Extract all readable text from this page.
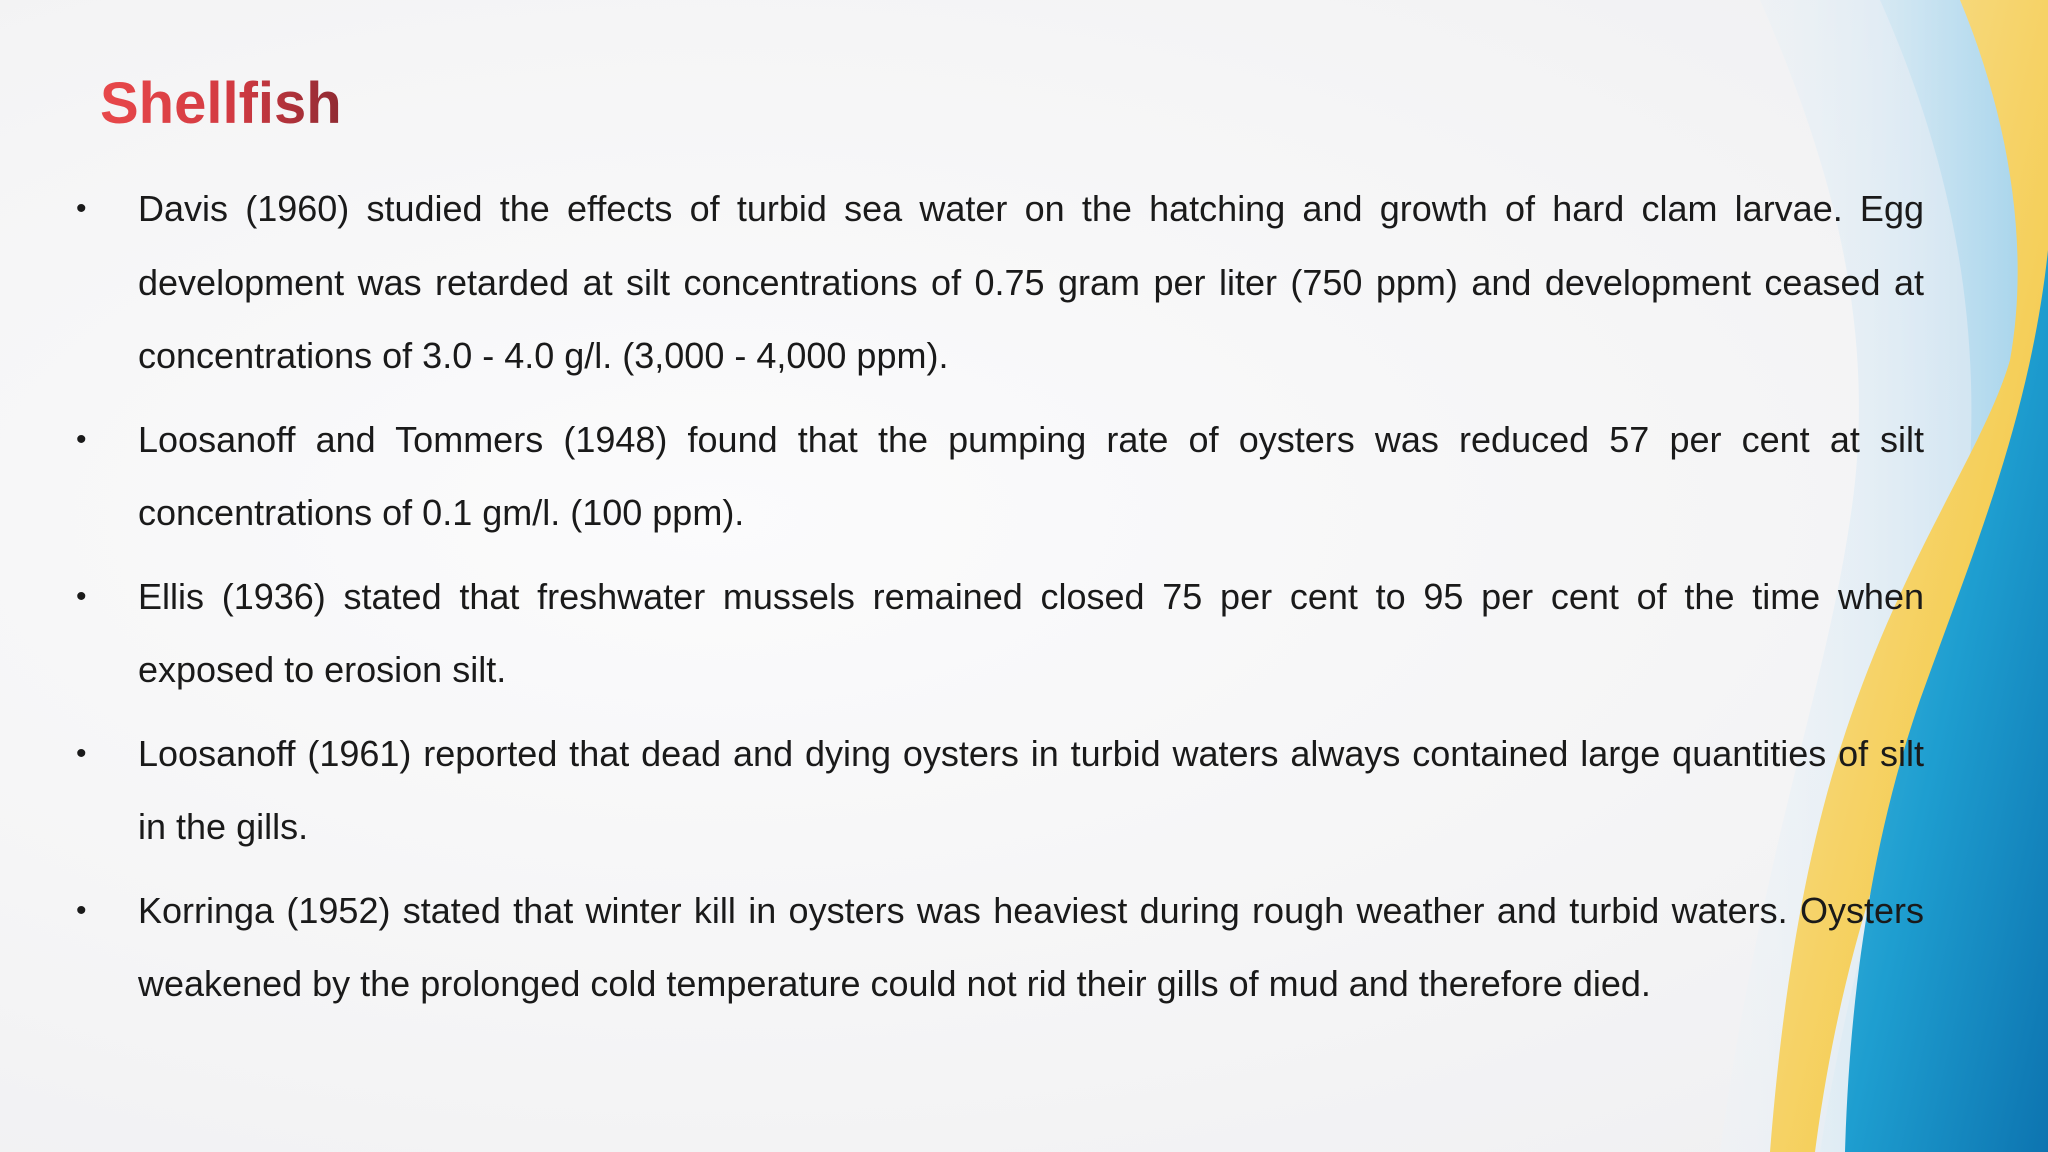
Shellfish
•	Davis (1960) studied the effects of turbid sea water on the hatching and growth of hard clam larvae. Egg development was retarded at silt concentrations of 0.75 gram per liter (750 ppm) and development ceased at concentrations of 3.0 - 4.0 g/l. (3,000 - 4,000 ppm).
•	Loosanoff and Tommers (1948) found that the pumping rate of oysters was reduced 57 per cent at silt concentrations of 0.1 gm/l. (100 ppm).
•	Ellis (1936) stated that freshwater mussels remained closed 75 per cent to 95 per cent of the time when exposed to erosion silt.
•	Loosanoff (1961) reported that dead and dying oysters in turbid waters always contained large quantities of silt in the gills.
•	Korringa (1952) stated that winter kill in oysters was heaviest during rough weather and turbid waters. Oysters weakened by the prolonged cold temperature could not rid their gills of mud and therefore died.
